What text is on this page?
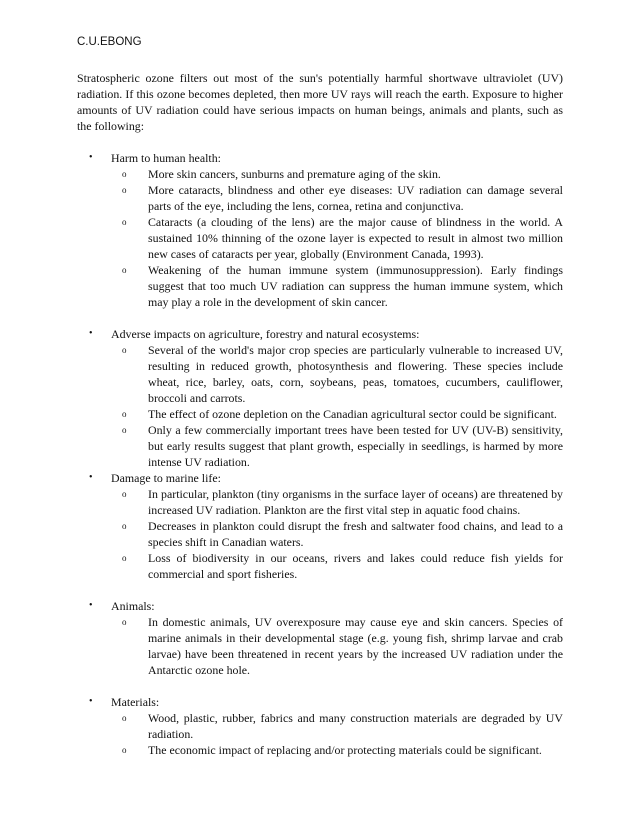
C.U.EBONG

Stratospheric ozone filters out most of the sun's potentially harmful shortwave ultraviolet (UV) radiation. If this ozone becomes depleted, then more UV rays will reach the earth. Exposure to higher amounts of UV radiation could have serious impacts on human beings, animals and plants, such as the following:

• Harm to human health:

o More skin cancers, sunburns and premature aging of the skin.
o More cataracts, blindness and other eye diseases: UV radiation can damage several parts of the eye, including the lens, cornea, retina and conjunctiva.
o Cataracts (a clouding of the lens) are the major cause of blindness in the world. A sustained 10% thinning of the ozone layer is expected to result in almost two million new cases of cataracts per year, globally (Environment Canada, 1993).
o Weakening of the human immune system (immunosuppression). Early findings suggest that too much UV radiation can suppress the human immune system, which may play a role in the development of skin cancer.
• Adverse impacts on agriculture, forestry and natural ecosystems:

o Several of the world's major crop species are particularly vulnerable to increased UV, resulting in reduced growth, photosynthesis and flowering. These species include wheat, rice, barley, oats, corn, soybeans, peas, tomatoes, cucumbers, cauliflower, broccoli and carrots.
o The effect of ozone depletion on the Canadian agricultural sector could be significant.
o Only a few commercially important trees have been tested for UV (UV-B) sensitivity, but early results suggest that plant growth, especially in seedlings, is harmed by more intense UV radiation.
• Damage to marine life:

o In particular, plankton (tiny organisms in the surface layer of oceans) are threatened by increased UV radiation. Plankton are the first vital step in aquatic food chains.
o Decreases in plankton could disrupt the fresh and saltwater food chains, and lead to a species shift in Canadian waters.
o Loss of biodiversity in our oceans, rivers and lakes could reduce fish yields for commercial and sport fisheries.
• Animals:

o In domestic animals, UV overexposure may cause eye and skin cancers. Species of marine animals in their developmental stage (e.g. young fish, shrimp larvae and crab larvae) have been threatened in recent years by the increased UV radiation under the Antarctic ozone hole.
• Materials:

o Wood, plastic, rubber, fabrics and many construction materials are degraded by UV radiation.
o The economic impact of replacing and/or protecting materials could be significant.
